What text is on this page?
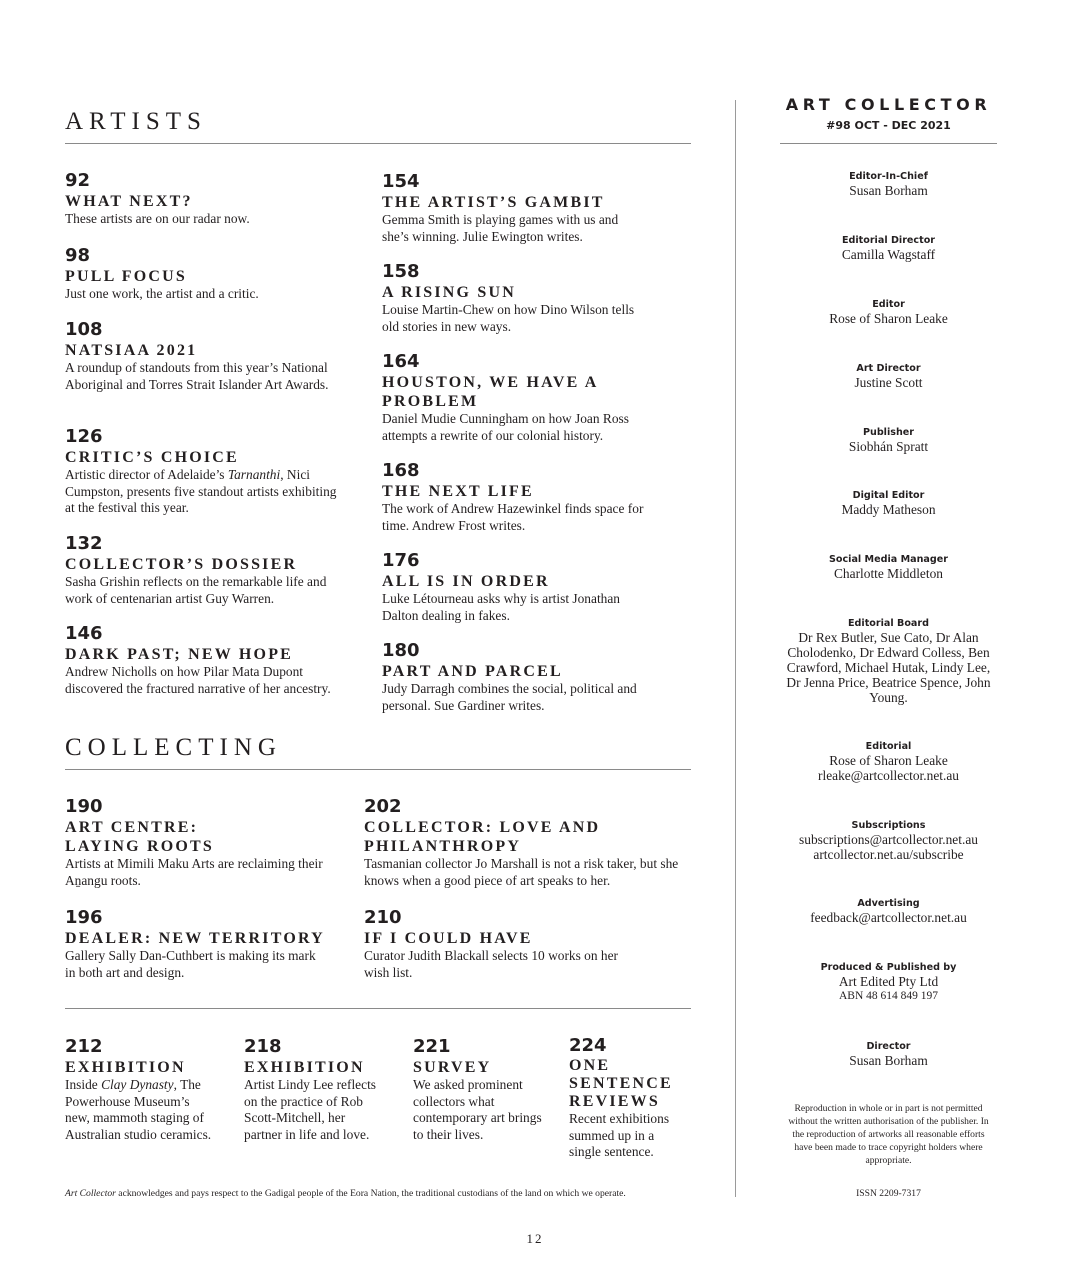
ARTISTS
92
WHAT NEXT?
These artists are on our radar now.
98
PULL FOCUS
Just one work, the artist and a critic.
108
NATSIAA 2021
A roundup of standouts from this year’s National Aboriginal and Torres Strait Islander Art Awards.
126
CRITIC’S CHOICE
Artistic director of Adelaide’s Tarnanthi, Nici Cumpston, presents five standout artists exhibiting at the festival this year.
132
COLLECTOR’S DOSSIER
Sasha Grishin reflects on the remarkable life and work of centenarian artist Guy Warren.
146
DARK PAST; NEW HOPE
Andrew Nicholls on how Pilar Mata Dupont discovered the fractured narrative of her ancestry.
154
THE ARTIST’S GAMBIT
Gemma Smith is playing games with us and she’s winning. Julie Ewington writes.
158
A RISING SUN
Louise Martin-Chew on how Dino Wilson tells old stories in new ways.
164
HOUSTON, WE HAVE A PROBLEM
Daniel Mudie Cunningham on how Joan Ross attempts a rewrite of our colonial history.
168
THE NEXT LIFE
The work of Andrew Hazewinkel finds space for time. Andrew Frost writes.
176
ALL IS IN ORDER
Luke Létourneau asks why is artist Jonathan Dalton dealing in fakes.
180
PART AND PARCEL
Judy Darragh combines the social, political and personal. Sue Gardiner writes.
COLLECTING
190
ART CENTRE: LAYING ROOTS
Artists at Mimili Maku Arts are reclaiming their Aṉangu roots.
202
COLLECTOR: LOVE AND PHILANTHROPY
Tasmanian collector Jo Marshall is not a risk taker, but she knows when a good piece of art speaks to her.
196
DEALER: NEW TERRITORY
Gallery Sally Dan-Cuthbert is making its mark in both art and design.
210
IF I COULD HAVE
Curator Judith Blackall selects 10 works on her wish list.
212
EXHIBITION
Inside Clay Dynasty, The Powerhouse Museum’s new, mammoth staging of Australian studio ceramics.
218
EXHIBITION
Artist Lindy Lee reflects on the practice of Rob Scott-Mitchell, her partner in life and love.
221
SURVEY
We asked prominent collectors what contemporary art brings to their lives.
224
ONE SENTENCE REVIEWS
Recent exhibitions summed up in a single sentence.
Art Collector acknowledges and pays respect to the Gadigal people of the Eora Nation, the traditional custodians of the land on which we operate.
12
ART COLLECTOR
#98 OCT - DEC 2021
Editor-In-Chief
Susan Borham
Editorial Director
Camilla Wagstaff
Editor
Rose of Sharon Leake
Art Director
Justine Scott
Publisher
Siobhán Spratt
Digital Editor
Maddy Matheson
Social Media Manager
Charlotte Middleton
Editorial Board
Dr Rex Butler, Sue Cato, Dr Alan Cholodenko, Dr Edward Colless, Ben Crawford, Michael Hutak, Lindy Lee, Dr Jenna Price, Beatrice Spence, John Young.
Editorial
Rose of Sharon Leake
rleake@artcollector.net.au
Subscriptions
subscriptions@artcollector.net.au
artcollector.net.au/subscribe
Advertising
feedback@artcollector.net.au
Produced & Published by
Art Edited Pty Ltd
ABN 48 614 849 197
Director
Susan Borham
Reproduction in whole or in part is not permitted without the written authorisation of the publisher. In the reproduction of artworks all reasonable efforts have been made to trace copyright holders where appropriate.
ISSN 2209-7317
